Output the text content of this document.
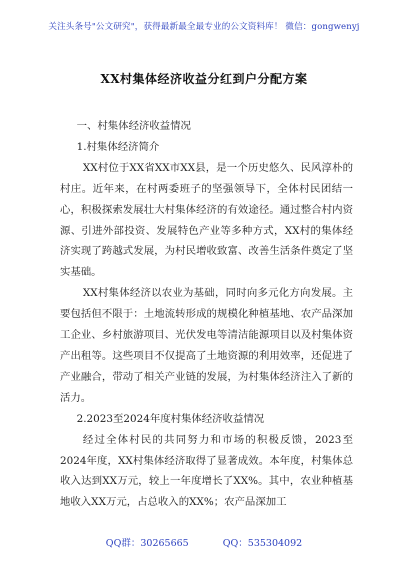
关注头条号"公文研究"，获得最新最全最专业的公文资料库！ 微信：gongwenyj
XX村集体经济收益分红到户分配方案

一、村集体经济收益情况

1.村集体经济简介

XX村位于XX省XX市XX县，是一个历史悠久、民风淳朴的村庄。近年来，在村两委班子的坚强领导下，全体村民团结一心，积极探索发展壮大村集体经济的有效途径。通过整合村内资源、引进外部投资、发展特色产业等多种方式，XX村的集体经济实现了跨越式发展，为村民增收致富、改善生活条件奠定了坚实基础。

XX村集体经济以农业为基础，同时向多元化方向发展。主要包括但不限于：土地流转形成的规模化种植基地、农产品深加工企业、乡村旅游项目、光伏发电等清洁能源项目以及村集体资产出租等。这些项目不仅提高了土地资源的利用效率，还促进了产业融合，带动了相关产业链的发展，为村集体经济注入了新的活力。

2.2023至2024年度村集体经济收益情况

经过全体村民的共同努力和市场的积极反馈，2023至2024年度，XX村集体经济取得了显著成效。本年度，村集体总收入达到XX万元，较上一年度增长了XX%。其中，农业种植基地收入XX万元，占总收入的XX%；农产品深加工

QQ群：30265665	QQ：535304092
